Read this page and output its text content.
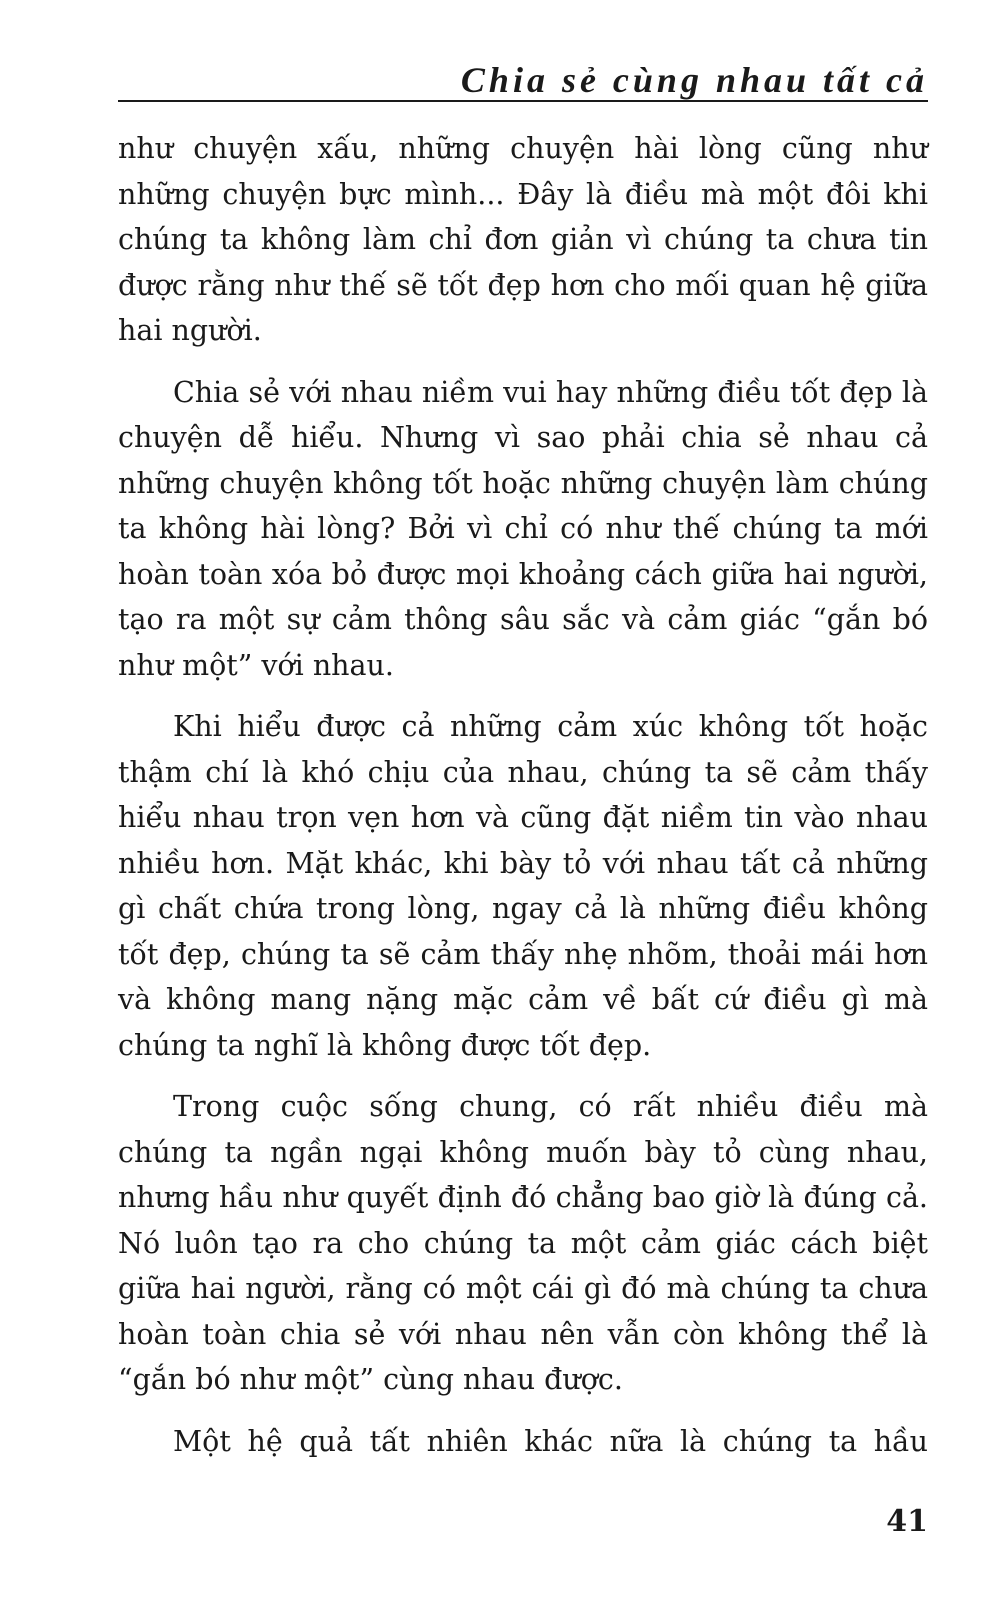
Chia sẻ cùng nhau tất cả

như chuyện xấu, những chuyện hài lòng cũng như những chuyện bực mình... Đây là điều mà một đôi khi chúng ta không làm chỉ đơn giản vì chúng ta chưa tin được rằng như thế sẽ tốt đẹp hơn cho mối quan hệ giữa hai người.

Chia sẻ với nhau niềm vui hay những điều tốt đẹp là chuyện dễ hiểu. Nhưng vì sao phải chia sẻ nhau cả những chuyện không tốt hoặc những chuyện làm chúng ta không hài lòng? Bởi vì chỉ có như thế chúng ta mới hoàn toàn xóa bỏ được mọi khoảng cách giữa hai người, tạo ra một sự cảm thông sâu sắc và cảm giác “gắn bó như một” với nhau.

Khi hiểu được cả những cảm xúc không tốt hoặc thậm chí là khó chịu của nhau, chúng ta sẽ cảm thấy hiểu nhau trọn vẹn hơn và cũng đặt niềm tin vào nhau nhiều hơn. Mặt khác, khi bày tỏ với nhau tất cả những gì chất chứa trong lòng, ngay cả là những điều không tốt đẹp, chúng ta sẽ cảm thấy nhẹ nhõm, thoải mái hơn và không mang nặng mặc cảm về bất cứ điều gì mà chúng ta nghĩ là không được tốt đẹp.

Trong cuộc sống chung, có rất nhiều điều mà chúng ta ngần ngại không muốn bày tỏ cùng nhau, nhưng hầu như quyết định đó chẳng bao giờ là đúng cả. Nó luôn tạo ra cho chúng ta một cảm giác cách biệt giữa hai người, rằng có một cái gì đó mà chúng ta chưa hoàn toàn chia sẻ với nhau nên vẫn còn không thể là “gắn bó như một” cùng nhau được.

Một hệ quả tất nhiên khác nữa là chúng ta hầu

41
